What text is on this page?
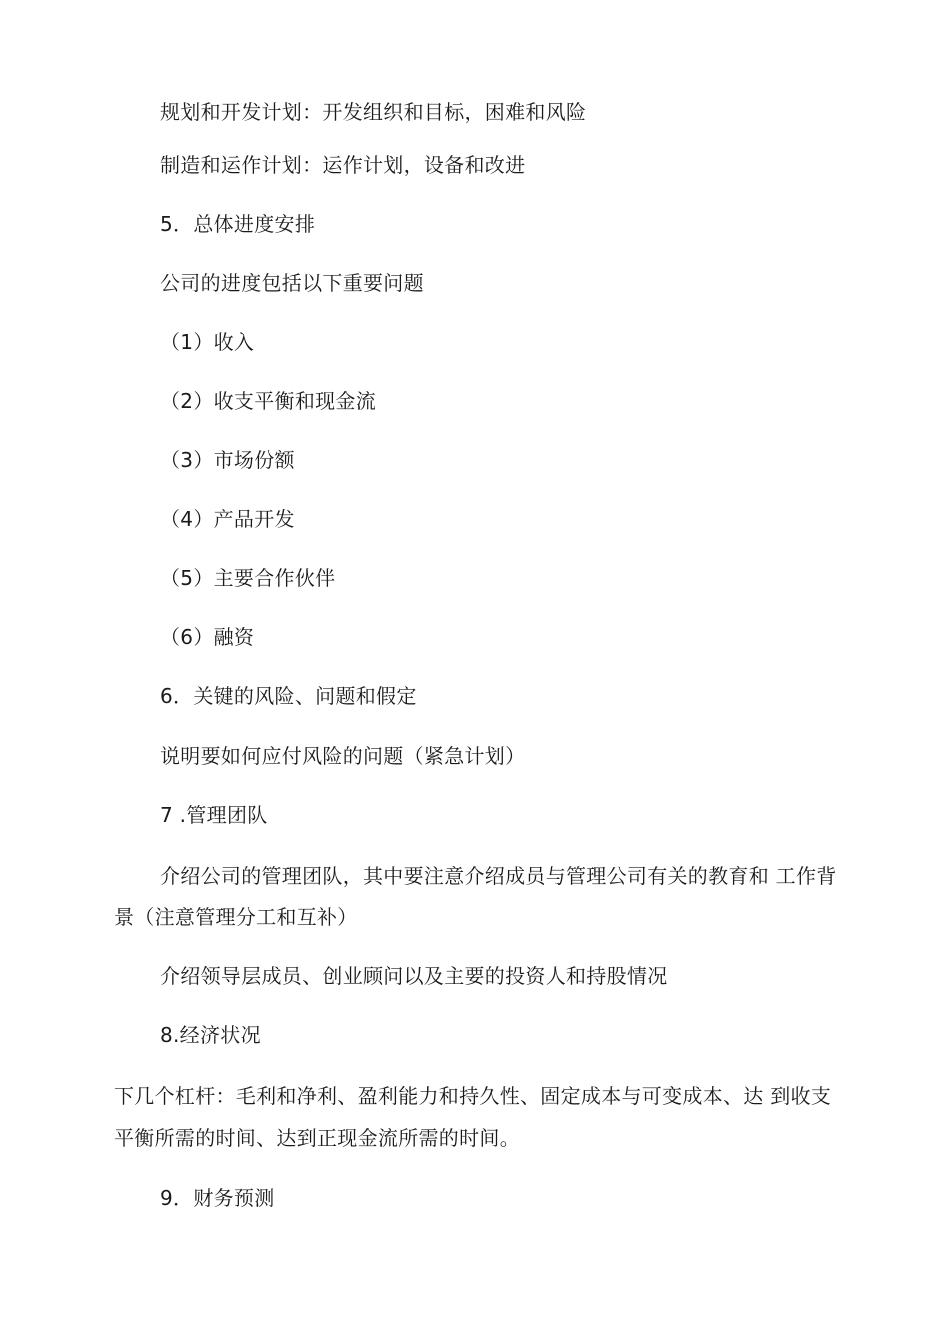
规划和开发计划：开发组织和目标，困难和风险
制造和运作计划：运作计划，设备和改进
5．总体进度安排
公司的进度包括以下重要问题
（1）收入
（2）收支平衡和现金流
（3）市场份额
（4）产品开发
（5）主要合作伙伴
（6）融资
6．关键的风险、问题和假定
说明要如何应付风险的问题（紧急计划）
7 .管理团队
介绍公司的管理团队，其中要注意介绍成员与管理公司有关的教育和 工作背
景（注意管理分工和互补）
介绍领导层成员、创业顾问以及主要的投资人和持股情况
8.经济状况
下几个杠杆：毛利和净利、盈利能力和持久性、固定成本与可变成本、达 到收支
平衡所需的时间、达到正现金流所需的时间。
9．财务预测
